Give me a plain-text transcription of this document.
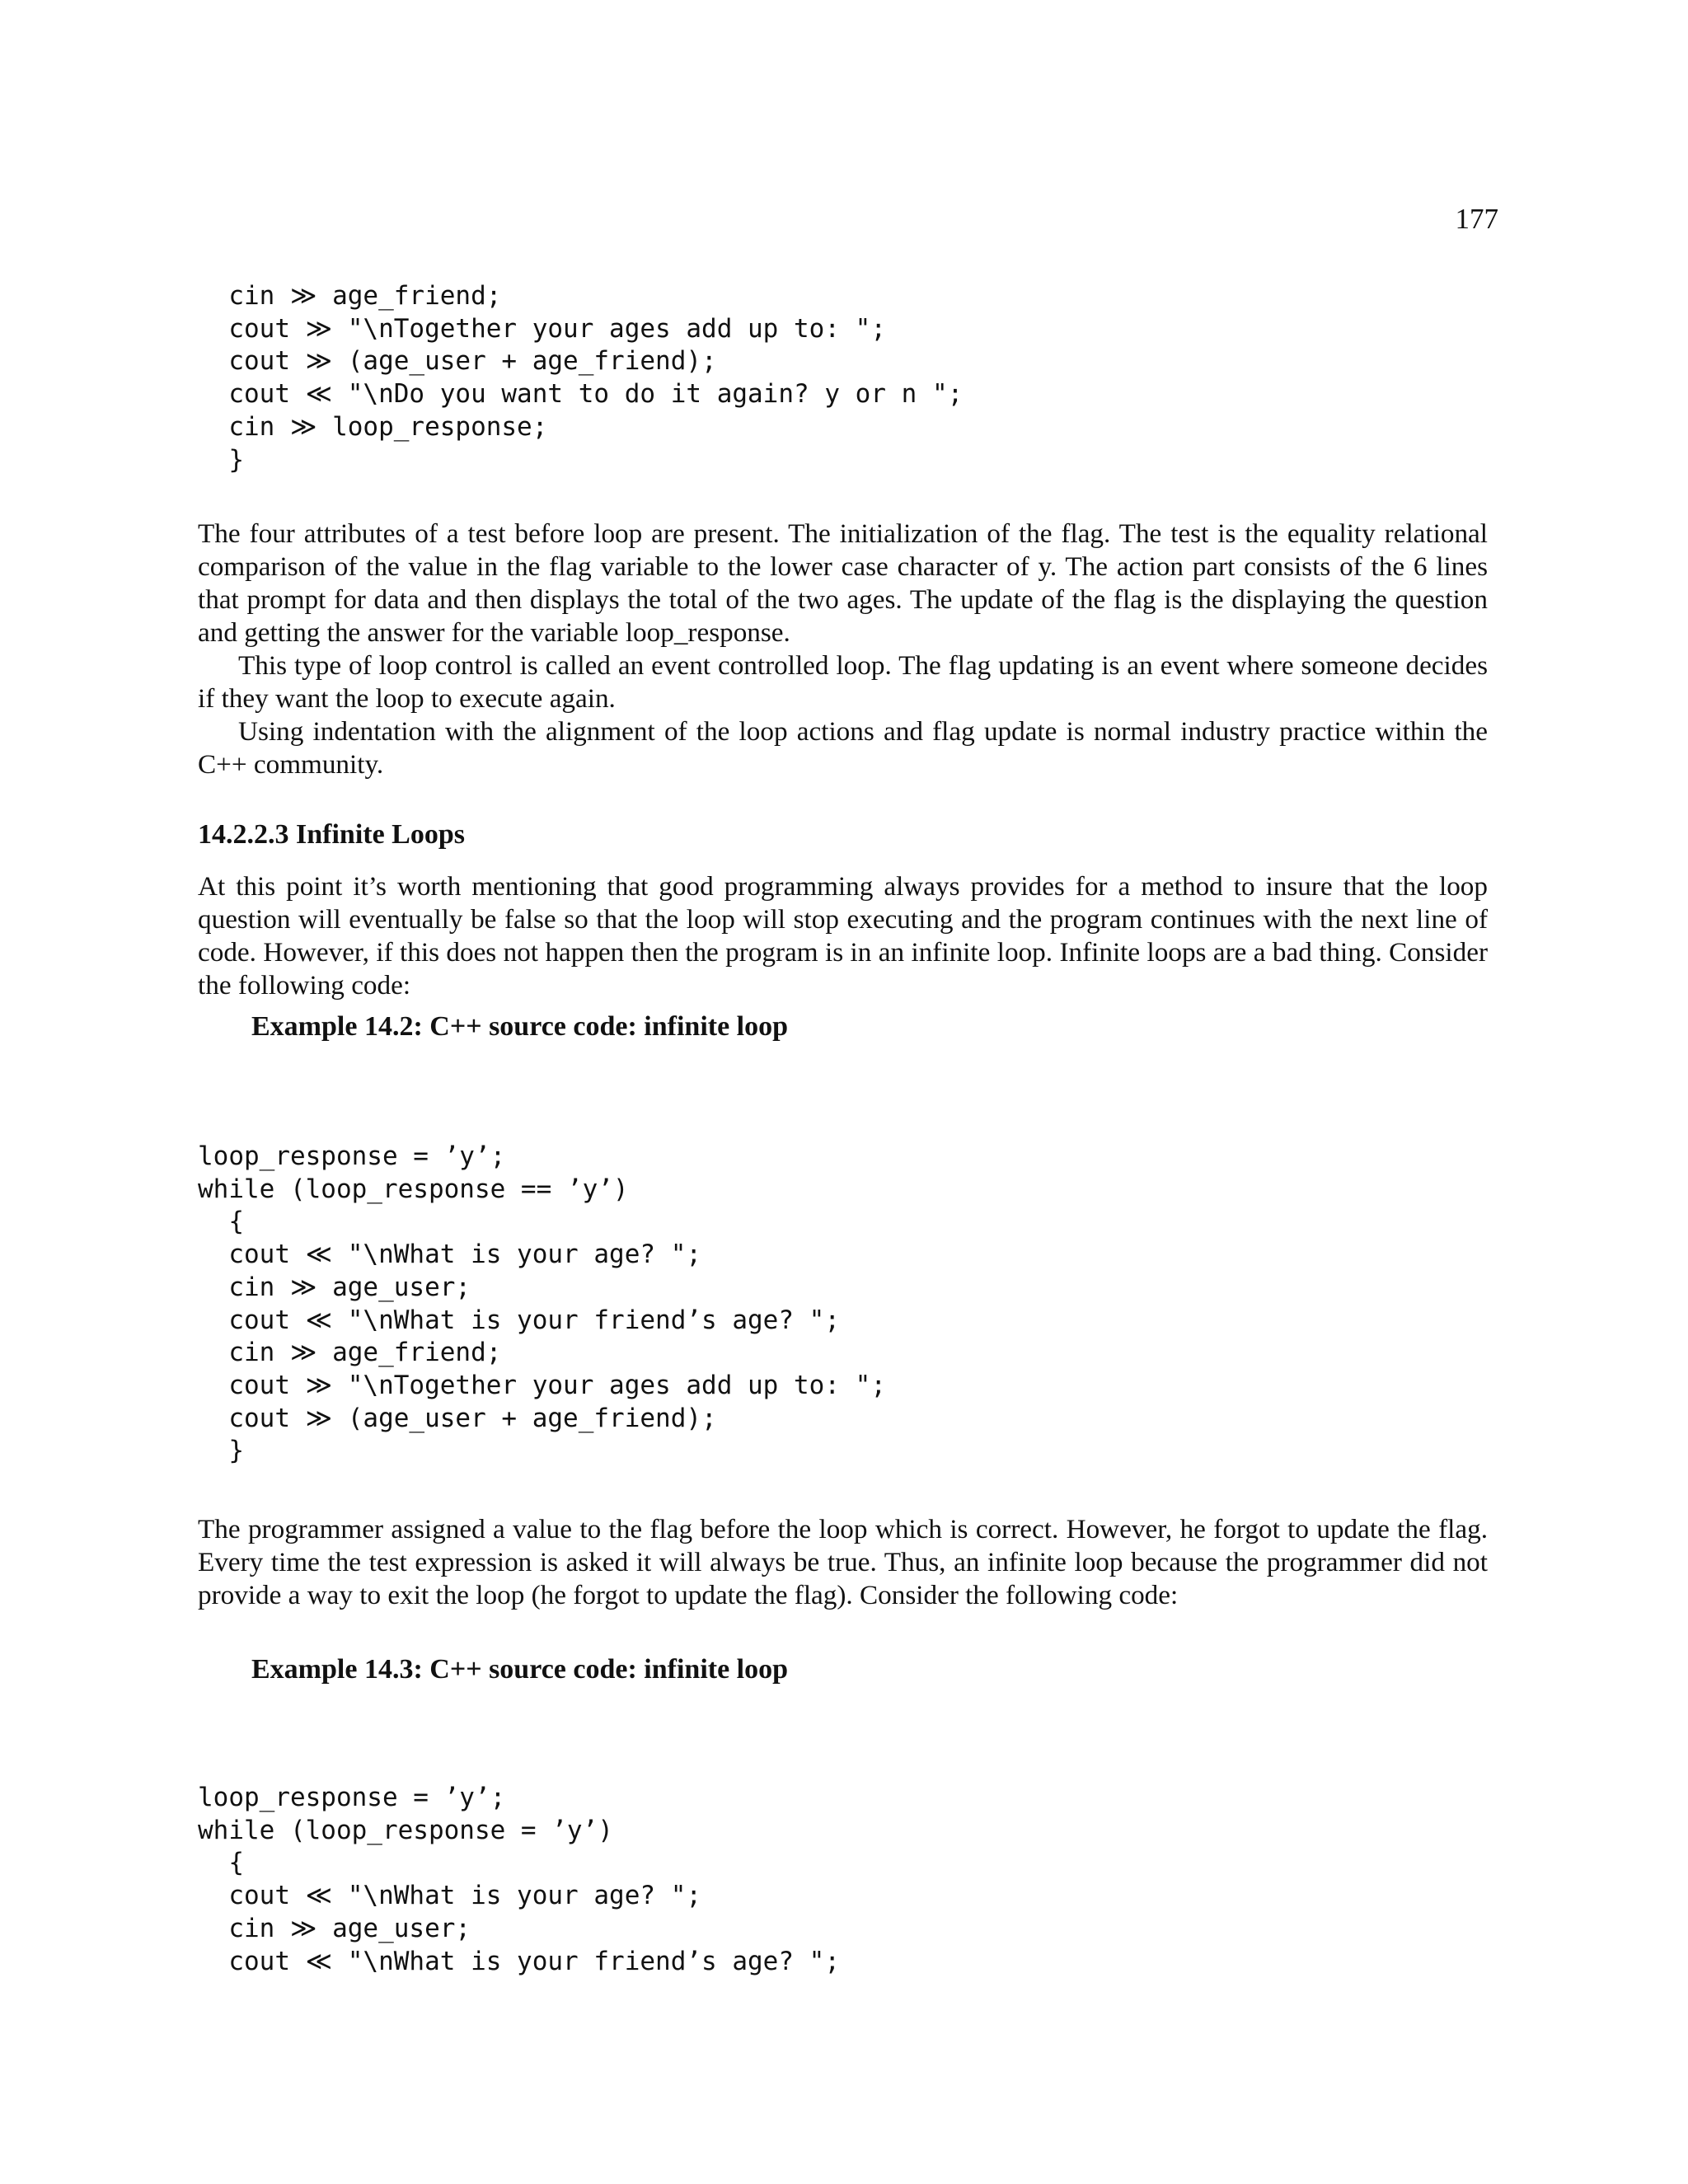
177
cin ≫ age_friend;
cout ≫ "\nTogether your ages add up to: ";
cout ≫ (age_user + age_friend);
cout ≪ "\nDo you want to do it again? y or n ";
cin ≫ loop_response;
}

The four attributes of a test before loop are present. The initialization of the flag. The test is the equality relational comparison of the value in the flag variable to the lower case character of y. The action part consists of the 6 lines that prompt for data and then displays the total of the two ages. The update of the flag is the displaying the question and getting the answer for the variable loop_response.

This type of loop control is called an event controlled loop. The flag updating is an event where someone decides if they want the loop to execute again.

Using indentation with the alignment of the loop actions and flag update is normal industry practice within the C++ community.

14.2.2.3 Infinite Loops

At this point it’s worth mentioning that good programming always provides for a method to insure that the loop question will eventually be false so that the loop will stop executing and the program continues with the next line of code. However, if this does not happen then the program is in an infinite loop. Infinite loops are a bad thing. Consider the following code:

Example 14.2: C++ source code: infinite loop
loop_response = ’y’;
while (loop_response == ’y’)
{
cout ≪ "\nWhat is your age? ";
cin ≫ age_user;
cout ≪ "\nWhat is your friend’s age? ";
cin ≫ age_friend;
cout ≫ "\nTogether your ages add up to: ";
cout ≫ (age_user + age_friend);
}

The programmer assigned a value to the flag before the loop which is correct. However, he forgot to update the flag. Every time the test expression is asked it will always be true. Thus, an infinite loop because the programmer did not provide a way to exit the loop (he forgot to update the flag). Consider the following code:

Example 14.3: C++ source code: infinite loop
loop_response = ’y’;
while (loop_response = ’y’)
{
cout ≪ "\nWhat is your age? ";
cin ≫ age_user;
cout ≪ "\nWhat is your friend’s age? ";
